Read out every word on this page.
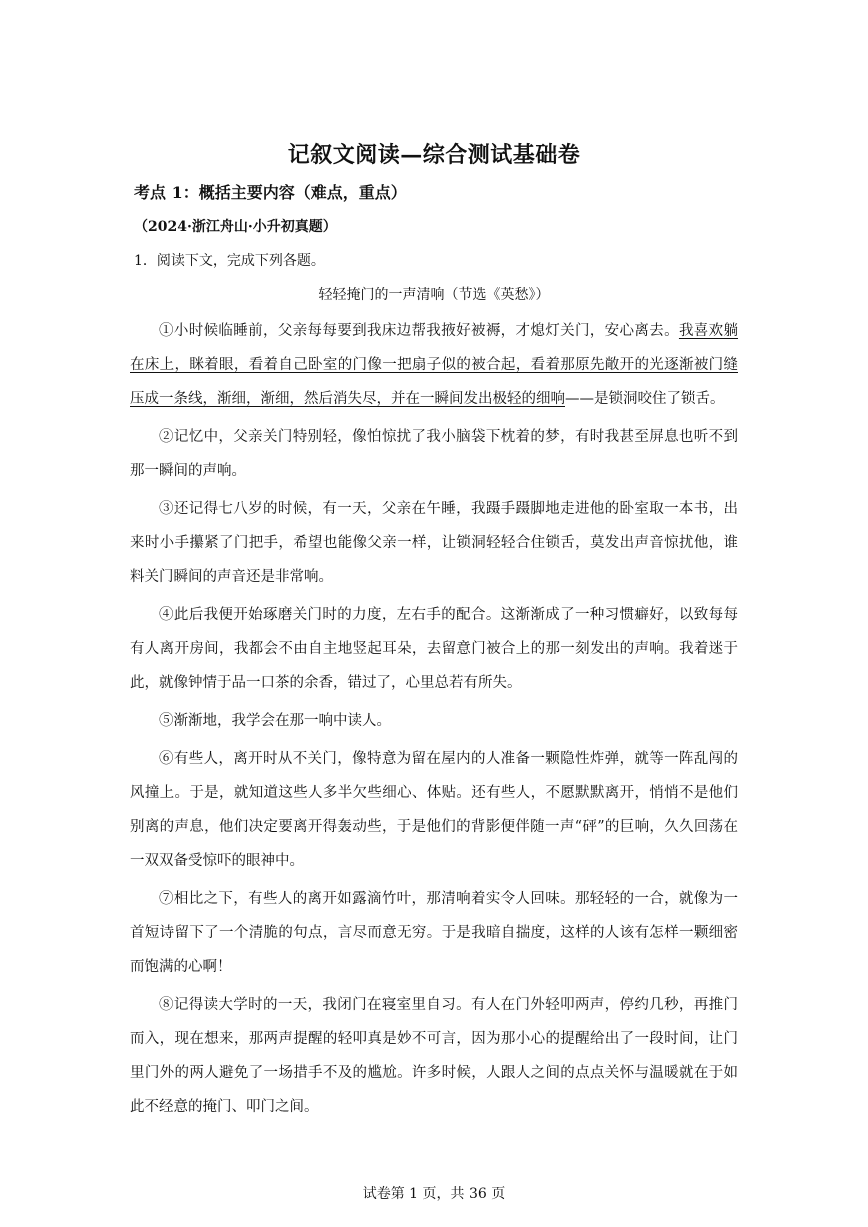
记叙文阅读—综合测试基础卷
考点 1：概括主要内容（难点，重点）
（2024·浙江舟山·小升初真题）
1．阅读下文，完成下列各题。
轻轻掩门的一声清响（节选《英愁》）

①小时候临睡前，父亲每每要到我床边帮我掖好被褥，才熄灯关门，安心离去。我喜欢躺在床上，眯着眼，看着自己卧室的门像一把扇子似的被合起，看着那原先敞开的光逐渐被门缝压成一条线，渐细，渐细，然后消失尽，并在一瞬间发出极轻的细响——是锁洞咬住了锁舌。

②记忆中，父亲关门特别轻，像怕惊扰了我小脑袋下枕着的梦，有时我甚至屏息也听不到那一瞬间的声响。

③还记得七八岁的时候，有一天，父亲在午睡，我蹑手蹑脚地走进他的卧室取一本书，出来时小手攥紧了门把手，希望也能像父亲一样，让锁洞轻轻合住锁舌，莫发出声音惊扰他，谁料关门瞬间的声音还是非常响。

④此后我便开始琢磨关门时的力度，左右手的配合。这渐渐成了一种习惯癖好，以致每每有人离开房间，我都会不由自主地竖起耳朵，去留意门被合上的那一刻发出的声响。我着迷于此，就像钟情于品一口茶的余香，错过了，心里总若有所失。

⑤渐渐地，我学会在那一响中读人。

⑥有些人，离开时从不关门，像特意为留在屋内的人准备一颗隐性炸弹，就等一阵乱闯的风撞上。于是，就知道这些人多半欠些细心、体贴。还有些人，不愿默默离开，悄悄不是他们别离的声息，他们决定要离开得轰动些，于是他们的背影便伴随一声“砰”的巨响，久久回荡在一双双备受惊吓的眼神中。

⑦相比之下，有些人的离开如露滴竹叶，那清响着实令人回味。那轻轻的一合，就像为一首短诗留下了一个清脆的句点，言尽而意无穷。于是我暗自揣度，这样的人该有怎样一颗细密而饱满的心啊！

⑧记得读大学时的一天，我闭门在寝室里自习。有人在门外轻叩两声，停约几秒，再推门而入，现在想来，那两声提醒的轻叩真是妙不可言，因为那小心的提醒给出了一段时间，让门里门外的两人避免了一场措手不及的尴尬。许多时候，人跟人之间的点点关怀与温暖就在于如此不经意的掩门、叩门之间。

试卷第 1 页，共 36 页
